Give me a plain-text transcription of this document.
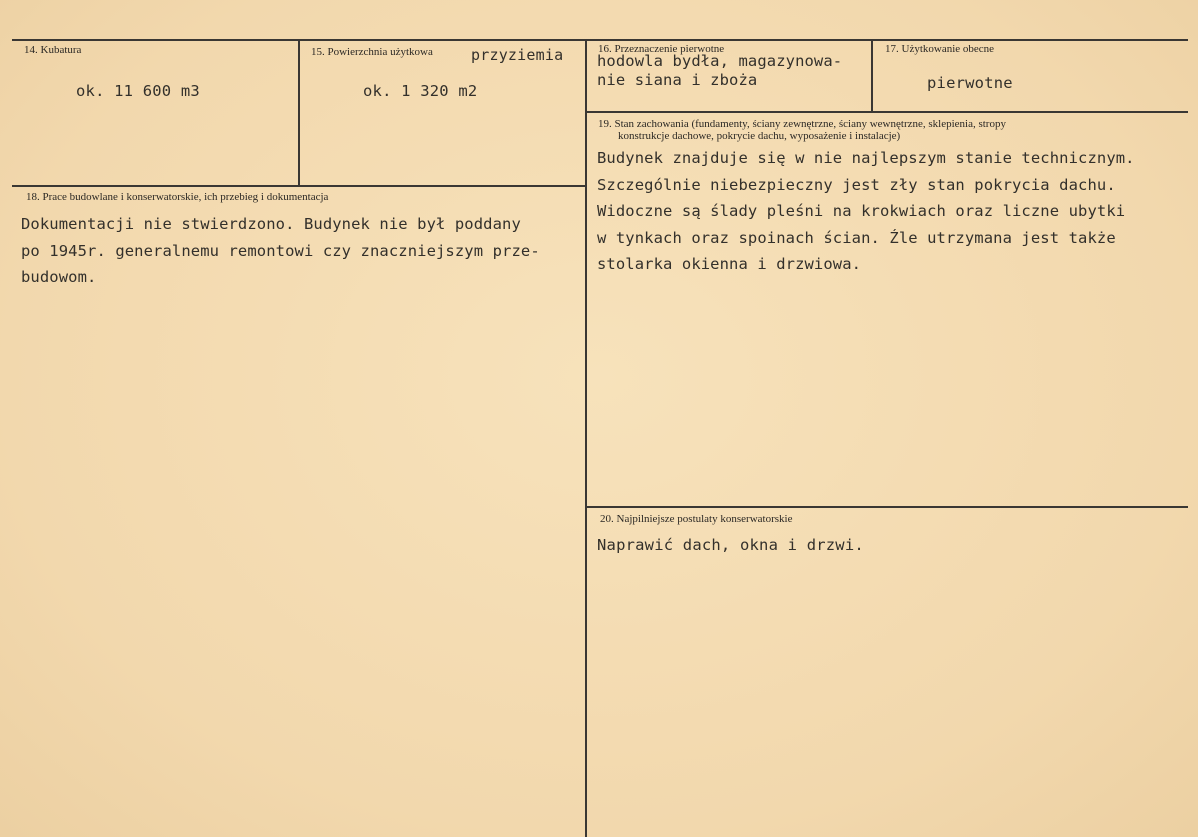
14. Kubatura
ok. 11 600 m3
15. Powierzchnia użytkowa	przyziemia
ok. 1 320 m2
16. Przeznaczenie pierwotne
hodowla bydła, magazynowa-
nie siana i zboża
17. Użytkowanie obecne
pierwotne
19. Stan zachowania (fundamenty, ściany zewnętrzne, ściany wewnętrzne, sklepienia, stropy
konstrukcje dachowe, pokrycie dachu, wyposażenie i instalacje)
Budynek znajduje się w nie najlepszym stanie technicznym.
Szczególnie niebezpieczny jest zły stan pokrycia dachu.
Widoczne są ślady pleśni na krokwiach oraz liczne ubytki
w tynkach oraz spoinach ścian. Źle utrzymana jest także
stolarka okienna i drzwiowa.
18. Prace budowlane i konserwatorskie, ich przebieg i dokumentacja
Dokumentacji nie stwierdzono. Budynek nie był poddany
po 1945r. generalnemu remontowi czy znaczniejszym prze-
budowom.
20. Najpilniejsze postulaty konserwatorskie
Naprawić dach, okna i drzwi.
